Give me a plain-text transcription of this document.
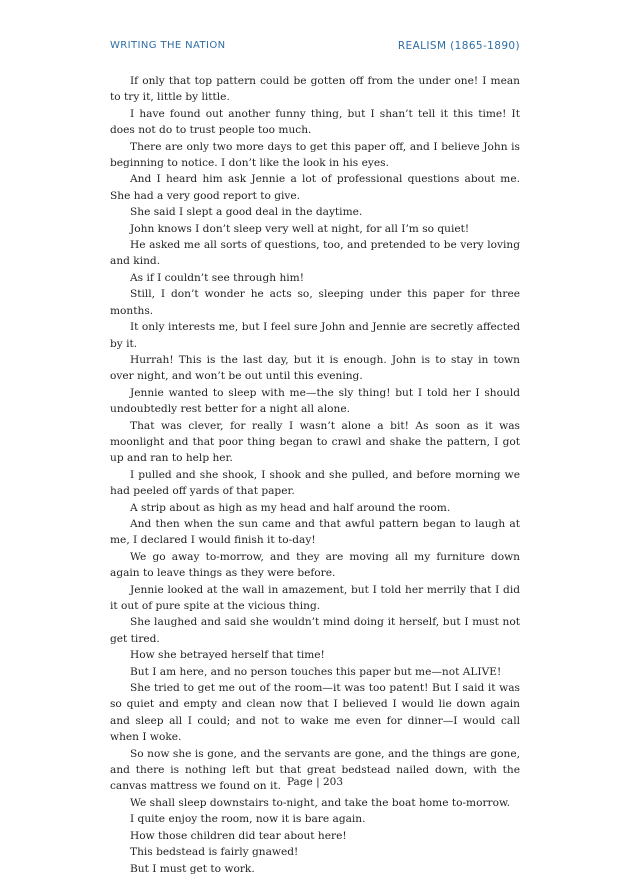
WRITING THE NATION	REALISM (1865-1890)

If only that top pattern could be gotten off from the under one! I mean to try it, little by little.

I have found out another funny thing, but I shan’t tell it this time! It does not do to trust people too much.

There are only two more days to get this paper off, and I believe John is beginning to notice. I don’t like the look in his eyes.

And I heard him ask Jennie a lot of professional questions about me. She had a very good report to give.

She said I slept a good deal in the daytime.

John knows I don’t sleep very well at night, for all I’m so quiet!

He asked me all sorts of questions, too, and pretended to be very loving and kind.

As if I couldn’t see through him!

Still, I don’t wonder he acts so, sleeping under this paper for three months.

It only interests me, but I feel sure John and Jennie are secretly affected by it.

Hurrah! This is the last day, but it is enough. John is to stay in town over night, and won’t be out until this evening.

Jennie wanted to sleep with me—the sly thing! but I told her I should undoubtedly rest better for a night all alone.

That was clever, for really I wasn’t alone a bit! As soon as it was moonlight and that poor thing began to crawl and shake the pattern, I got up and ran to help her.

I pulled and she shook, I shook and she pulled, and before morning we had peeled off yards of that paper.

A strip about as high as my head and half around the room.

And then when the sun came and that awful pattern began to laugh at me, I declared I would finish it to-day!

We go away to-morrow, and they are moving all my furniture down again to leave things as they were before.

Jennie looked at the wall in amazement, but I told her merrily that I did it out of pure spite at the vicious thing.

She laughed and said she wouldn’t mind doing it herself, but I must not get tired.

How she betrayed herself that time!

But I am here, and no person touches this paper but me—not ALIVE!

She tried to get me out of the room—it was too patent! But I said it was so quiet and empty and clean now that I believed I would lie down again and sleep all I could; and not to wake me even for dinner—I would call when I woke.

So now she is gone, and the servants are gone, and the things are gone, and there is nothing left but that great bedstead nailed down, with the canvas mattress we found on it.

We shall sleep downstairs to-night, and take the boat home to-morrow.

I quite enjoy the room, now it is bare again.

How those children did tear about here!

This bedstead is fairly gnawed!

But I must get to work.

Page | 203
